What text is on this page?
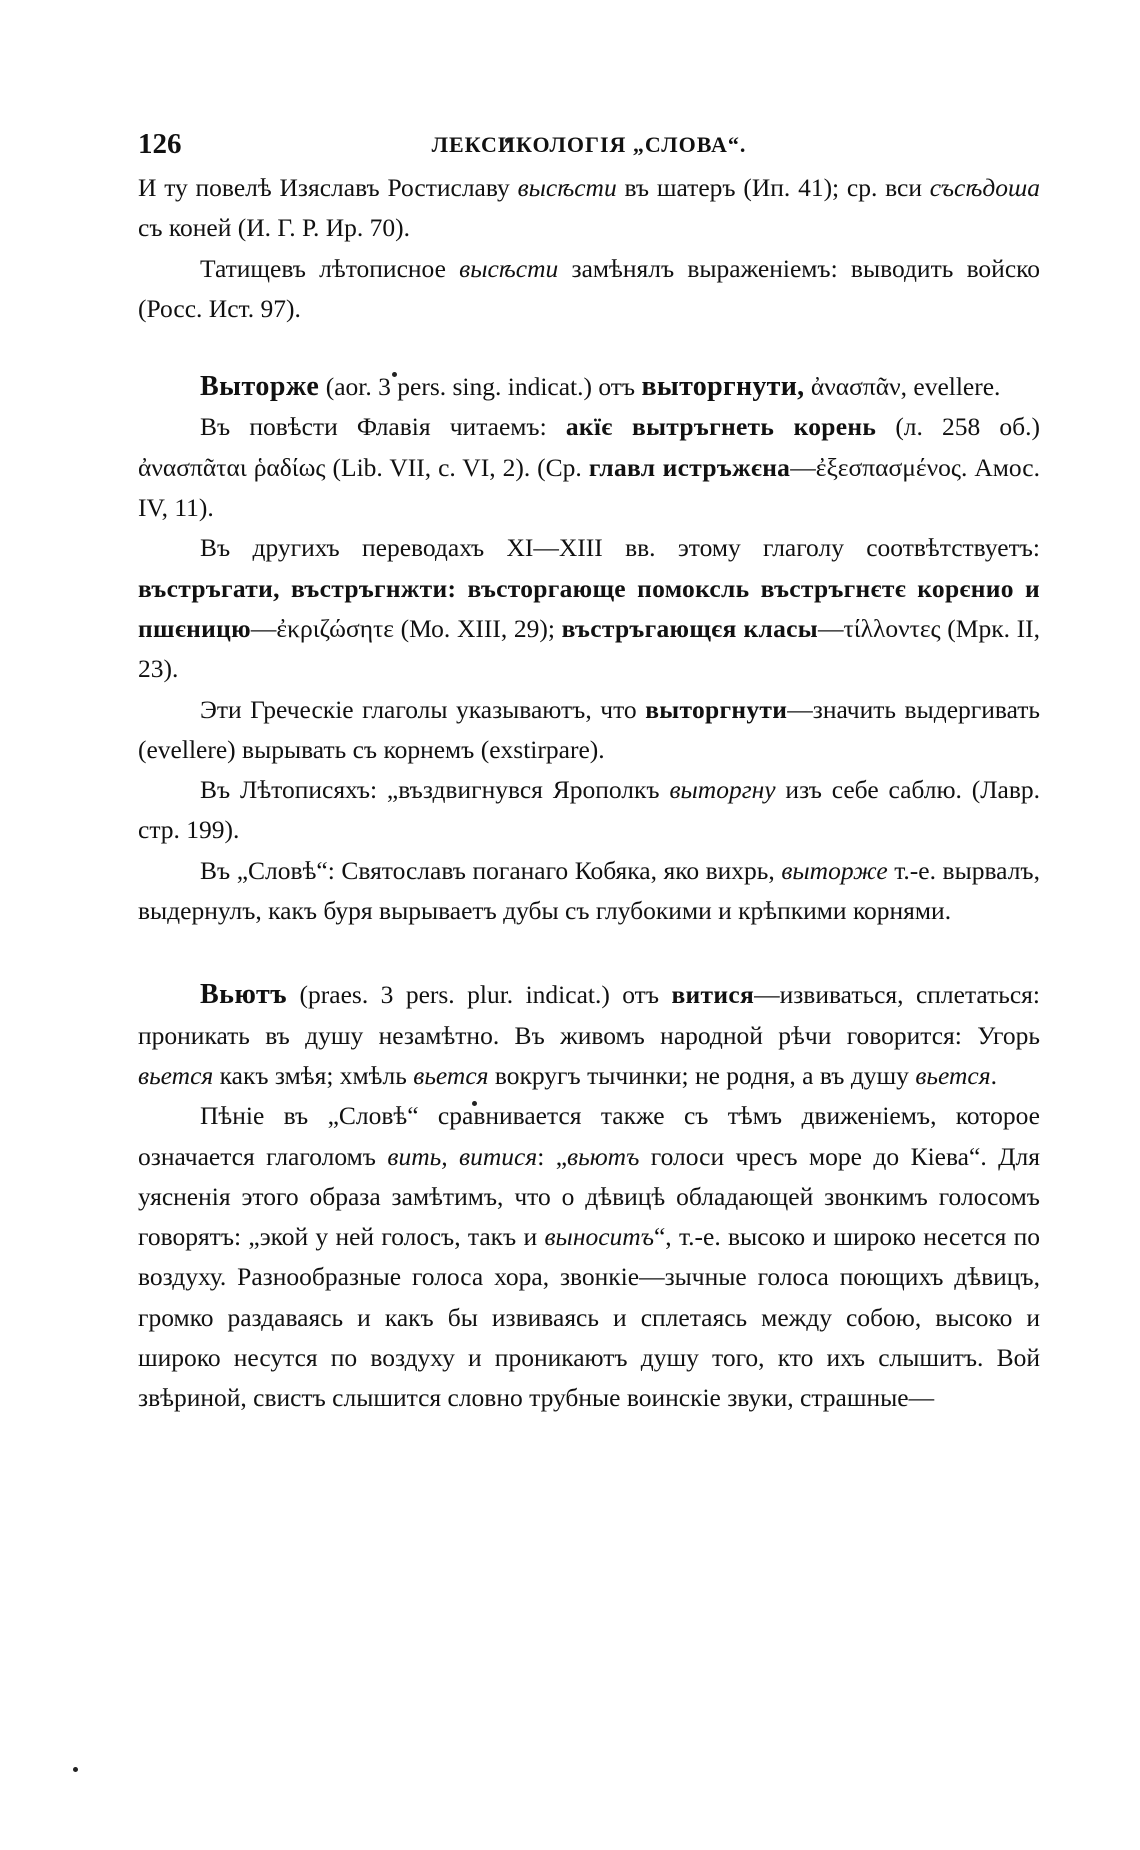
126	ЛЕКСИКОЛОГІЯ „СЛОВА“.

И ту повелѣ Изяславъ Ростиславу высѣсти въ шатеръ (Ип. 41); ср. вси съсѣдоша съ коней (И. Г. Р. Ир. 70).

Татищевъ лѣтописное высѣсти замѣнялъ выраженіемъ: выводить войско (Росс. Ист. 97).

Выторже (aor. 3 pers. sing. indicat.) отъ выторгнути, ἀνασπᾶν, evellere.

Въ повѣсти Флавія читаемъ: акїє вытръгнеть корень (л. 258 об.) ἀνασπᾶται ῥαδίως (Lib. VII, c. VI, 2). (Ср. главл истръжєна—ἐξεσπασμένος. Амос. IV, 11).

Въ другихъ переводахъ XI—XIII вв. этому глаголу соотвѣтствуетъ: въстръгати, въстръгнжти: въсторгающе помоксль въстръгнєтє корєнио и пшєницю—ἐκριζώσητε (Мо. XIII, 29); въстръгающєя класы—τίλλοντες (Мрк. II, 23).

Эти Греческіе глаголы указываютъ, что выторгнути—значить выдергивать (evellere) вырывать съ корнемъ (exstirpare).

Въ Лѣтописяхъ: „въздвигнувся Ярополкъ выторгну изъ себе саблю. (Лавр. стр. 199).

Въ „Словѣ“: Святославъ поганаго Кобяка, яко вихрь, выторже т.-е. вырвалъ, выдернулъ, какъ буря вырываетъ дубы съ глубокими и крѣпкими корнями.

Вьютъ (praes. 3 pers. plur. indicat.) отъ витися—извиваться, сплетаться: проникать въ душу незамѣтно. Въ живомъ народной рѣчи говорится: Угорь вьется какъ змѣя; хмѣль вьется вокругъ тычинки; не родня, а въ душу вьется.

Пѣніе въ „Словѣ“ сравнивается также съ тѣмъ движеніемъ, которое означается глаголомъ вить, витися: „вьютъ голоси чресъ море до Кіева“. Для уясненія этого образа замѣтимъ, что о дѣвицѣ обладающей звонкимъ голосомъ говорятъ: „экой у ней голосъ, такъ и выноситъ“, т.-е. высоко и широко несется по воздуху. Разнообразные голоса хора, звонкіе—зычные голоса поющихъ дѣвицъ, громко раздаваясь и какъ бы извиваясь и сплетаясь между собою, высоко и широко несутся по воздуху и проникаютъ душу того, кто ихъ слышитъ. Вой звѣриной, свистъ слышится словно трубные воинскіе звуки, страшные—
